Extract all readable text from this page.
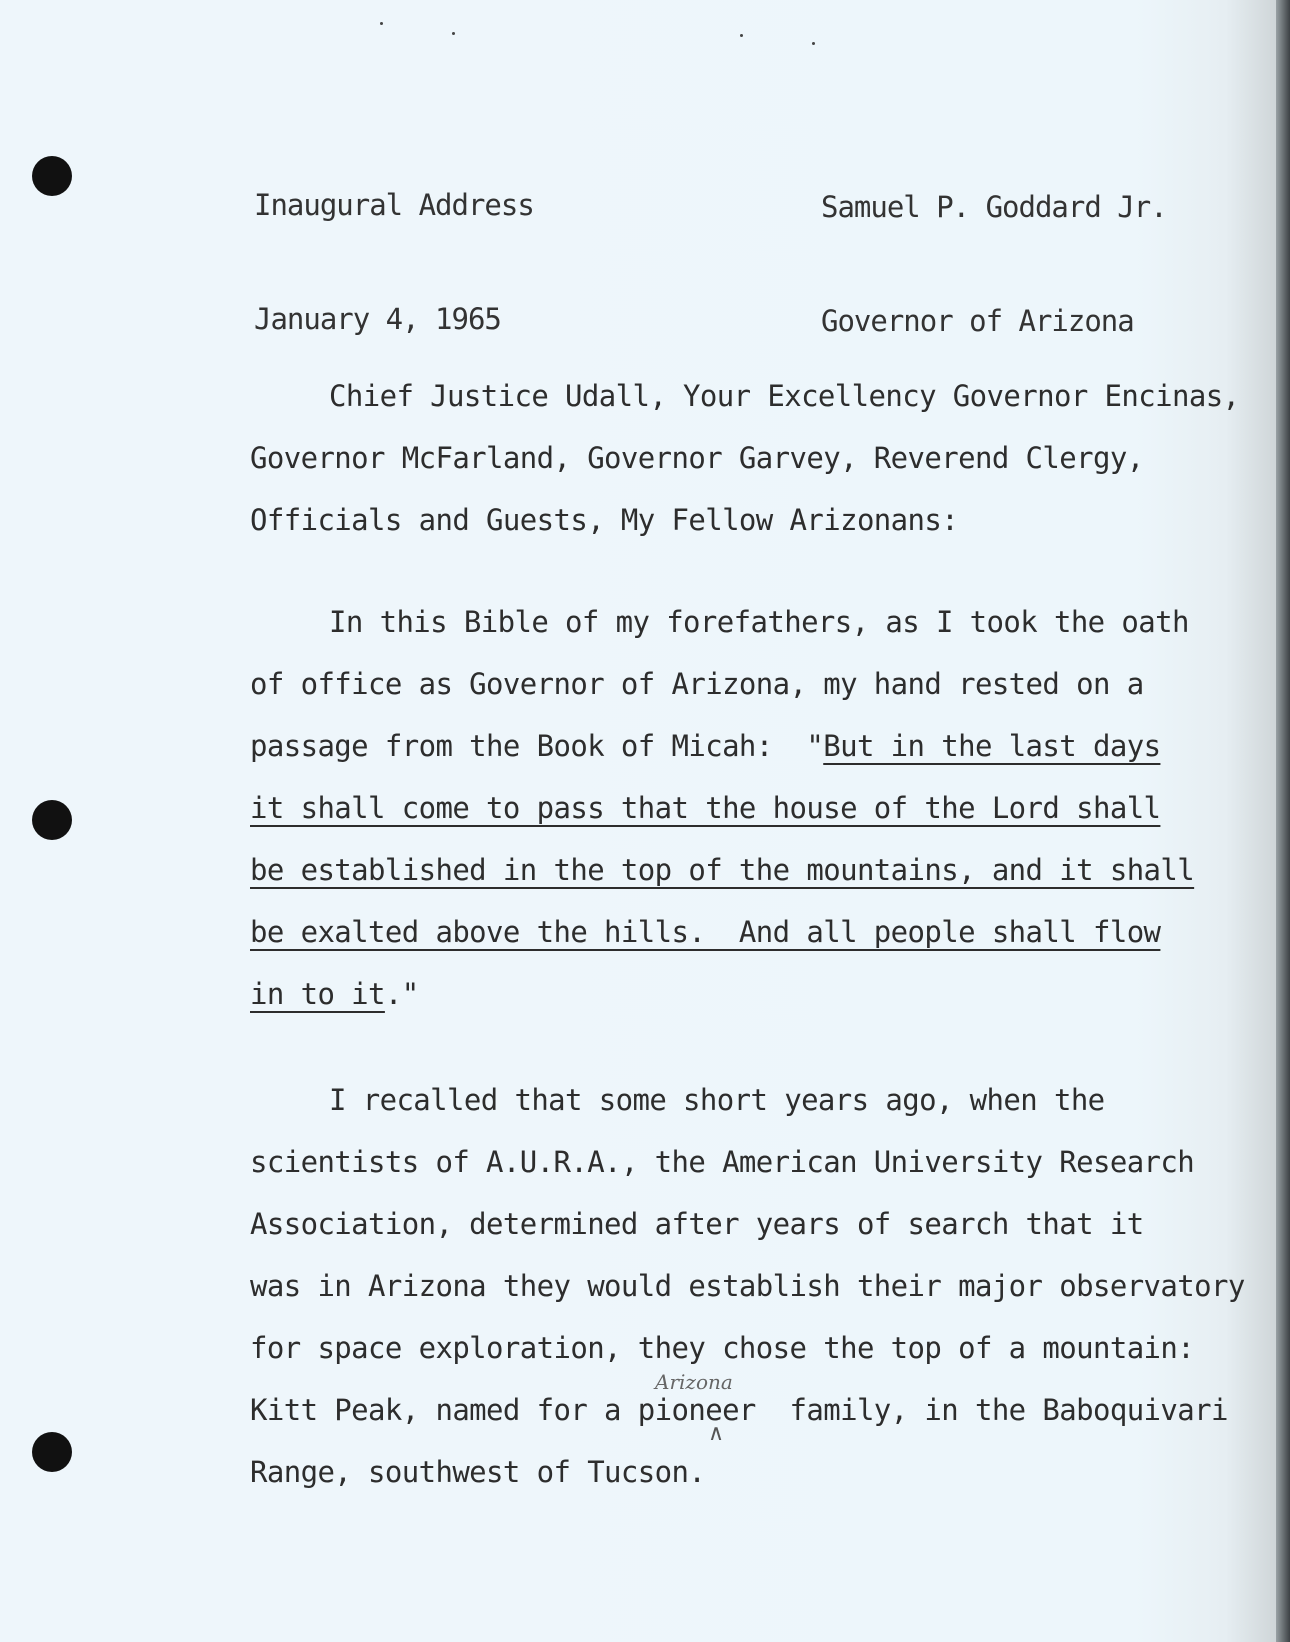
Inaugural Address

January 4, 1965

Samuel P. Goddard Jr.

Governor of Arizona

Chief Justice Udall, Your Excellency Governor Encinas,
Governor McFarland, Governor Garvey, Reverend Clergy,
Officials and Guests, My Fellow Arizonans:
In this Bible of my forefathers, as I took the oath
of office as Governor of Arizona, my hand rested on a
passage from the Book of Micah:  "But in the last days
it shall come to pass that the house of the Lord shall
be established in the top of the mountains, and it shall
be exalted above the hills.  And all people shall flow
in to it."
I recalled that some short years ago, when the
scientists of A.U.R.A., the American University Research
Association, determined after years of search that it
was in Arizona they would establish their major observatory
for space exploration, they chose the top of a mountain:
Kitt Peak, named for a pioneer  family, in the Baboquivari
Range, southwest of Tucson.
Arizona
∧
